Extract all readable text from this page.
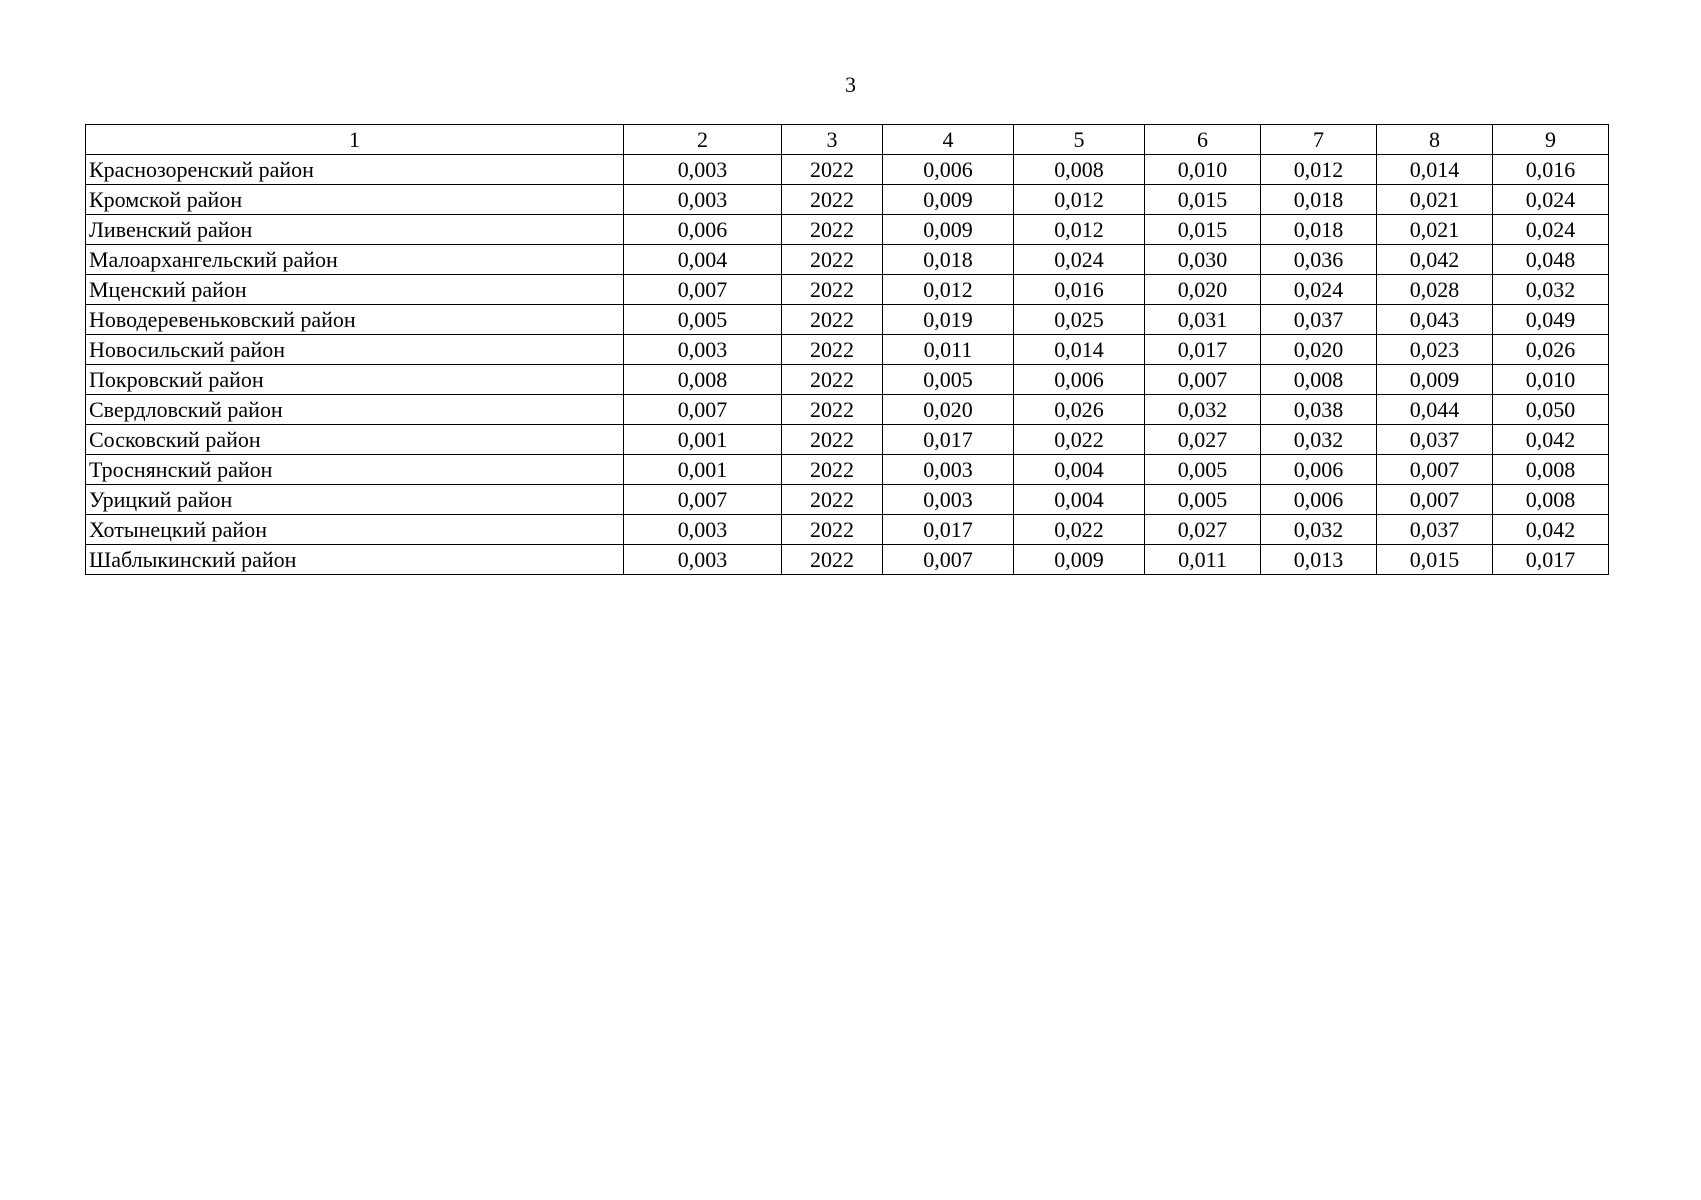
3
1	2	3	4	5	6	7	8	9
Краснозоренский район	0,003	2022	0,006	0,008	0,010	0,012	0,014	0,016
Кромской район	0,003	2022	0,009	0,012	0,015	0,018	0,021	0,024
Ливенский район	0,006	2022	0,009	0,012	0,015	0,018	0,021	0,024
Малоархангельский район	0,004	2022	0,018	0,024	0,030	0,036	0,042	0,048
Мценский район	0,007	2022	0,012	0,016	0,020	0,024	0,028	0,032
Новодеревеньковский район	0,005	2022	0,019	0,025	0,031	0,037	0,043	0,049
Новосильский район	0,003	2022	0,011	0,014	0,017	0,020	0,023	0,026
Покровский район	0,008	2022	0,005	0,006	0,007	0,008	0,009	0,010
Свердловский район	0,007	2022	0,020	0,026	0,032	0,038	0,044	0,050
Сосковский район	0,001	2022	0,017	0,022	0,027	0,032	0,037	0,042
Троснянский район	0,001	2022	0,003	0,004	0,005	0,006	0,007	0,008
Урицкий район	0,007	2022	0,003	0,004	0,005	0,006	0,007	0,008
Хотынецкий район	0,003	2022	0,017	0,022	0,027	0,032	0,037	0,042
Шаблыкинский район	0,003	2022	0,007	0,009	0,011	0,013	0,015	0,017
